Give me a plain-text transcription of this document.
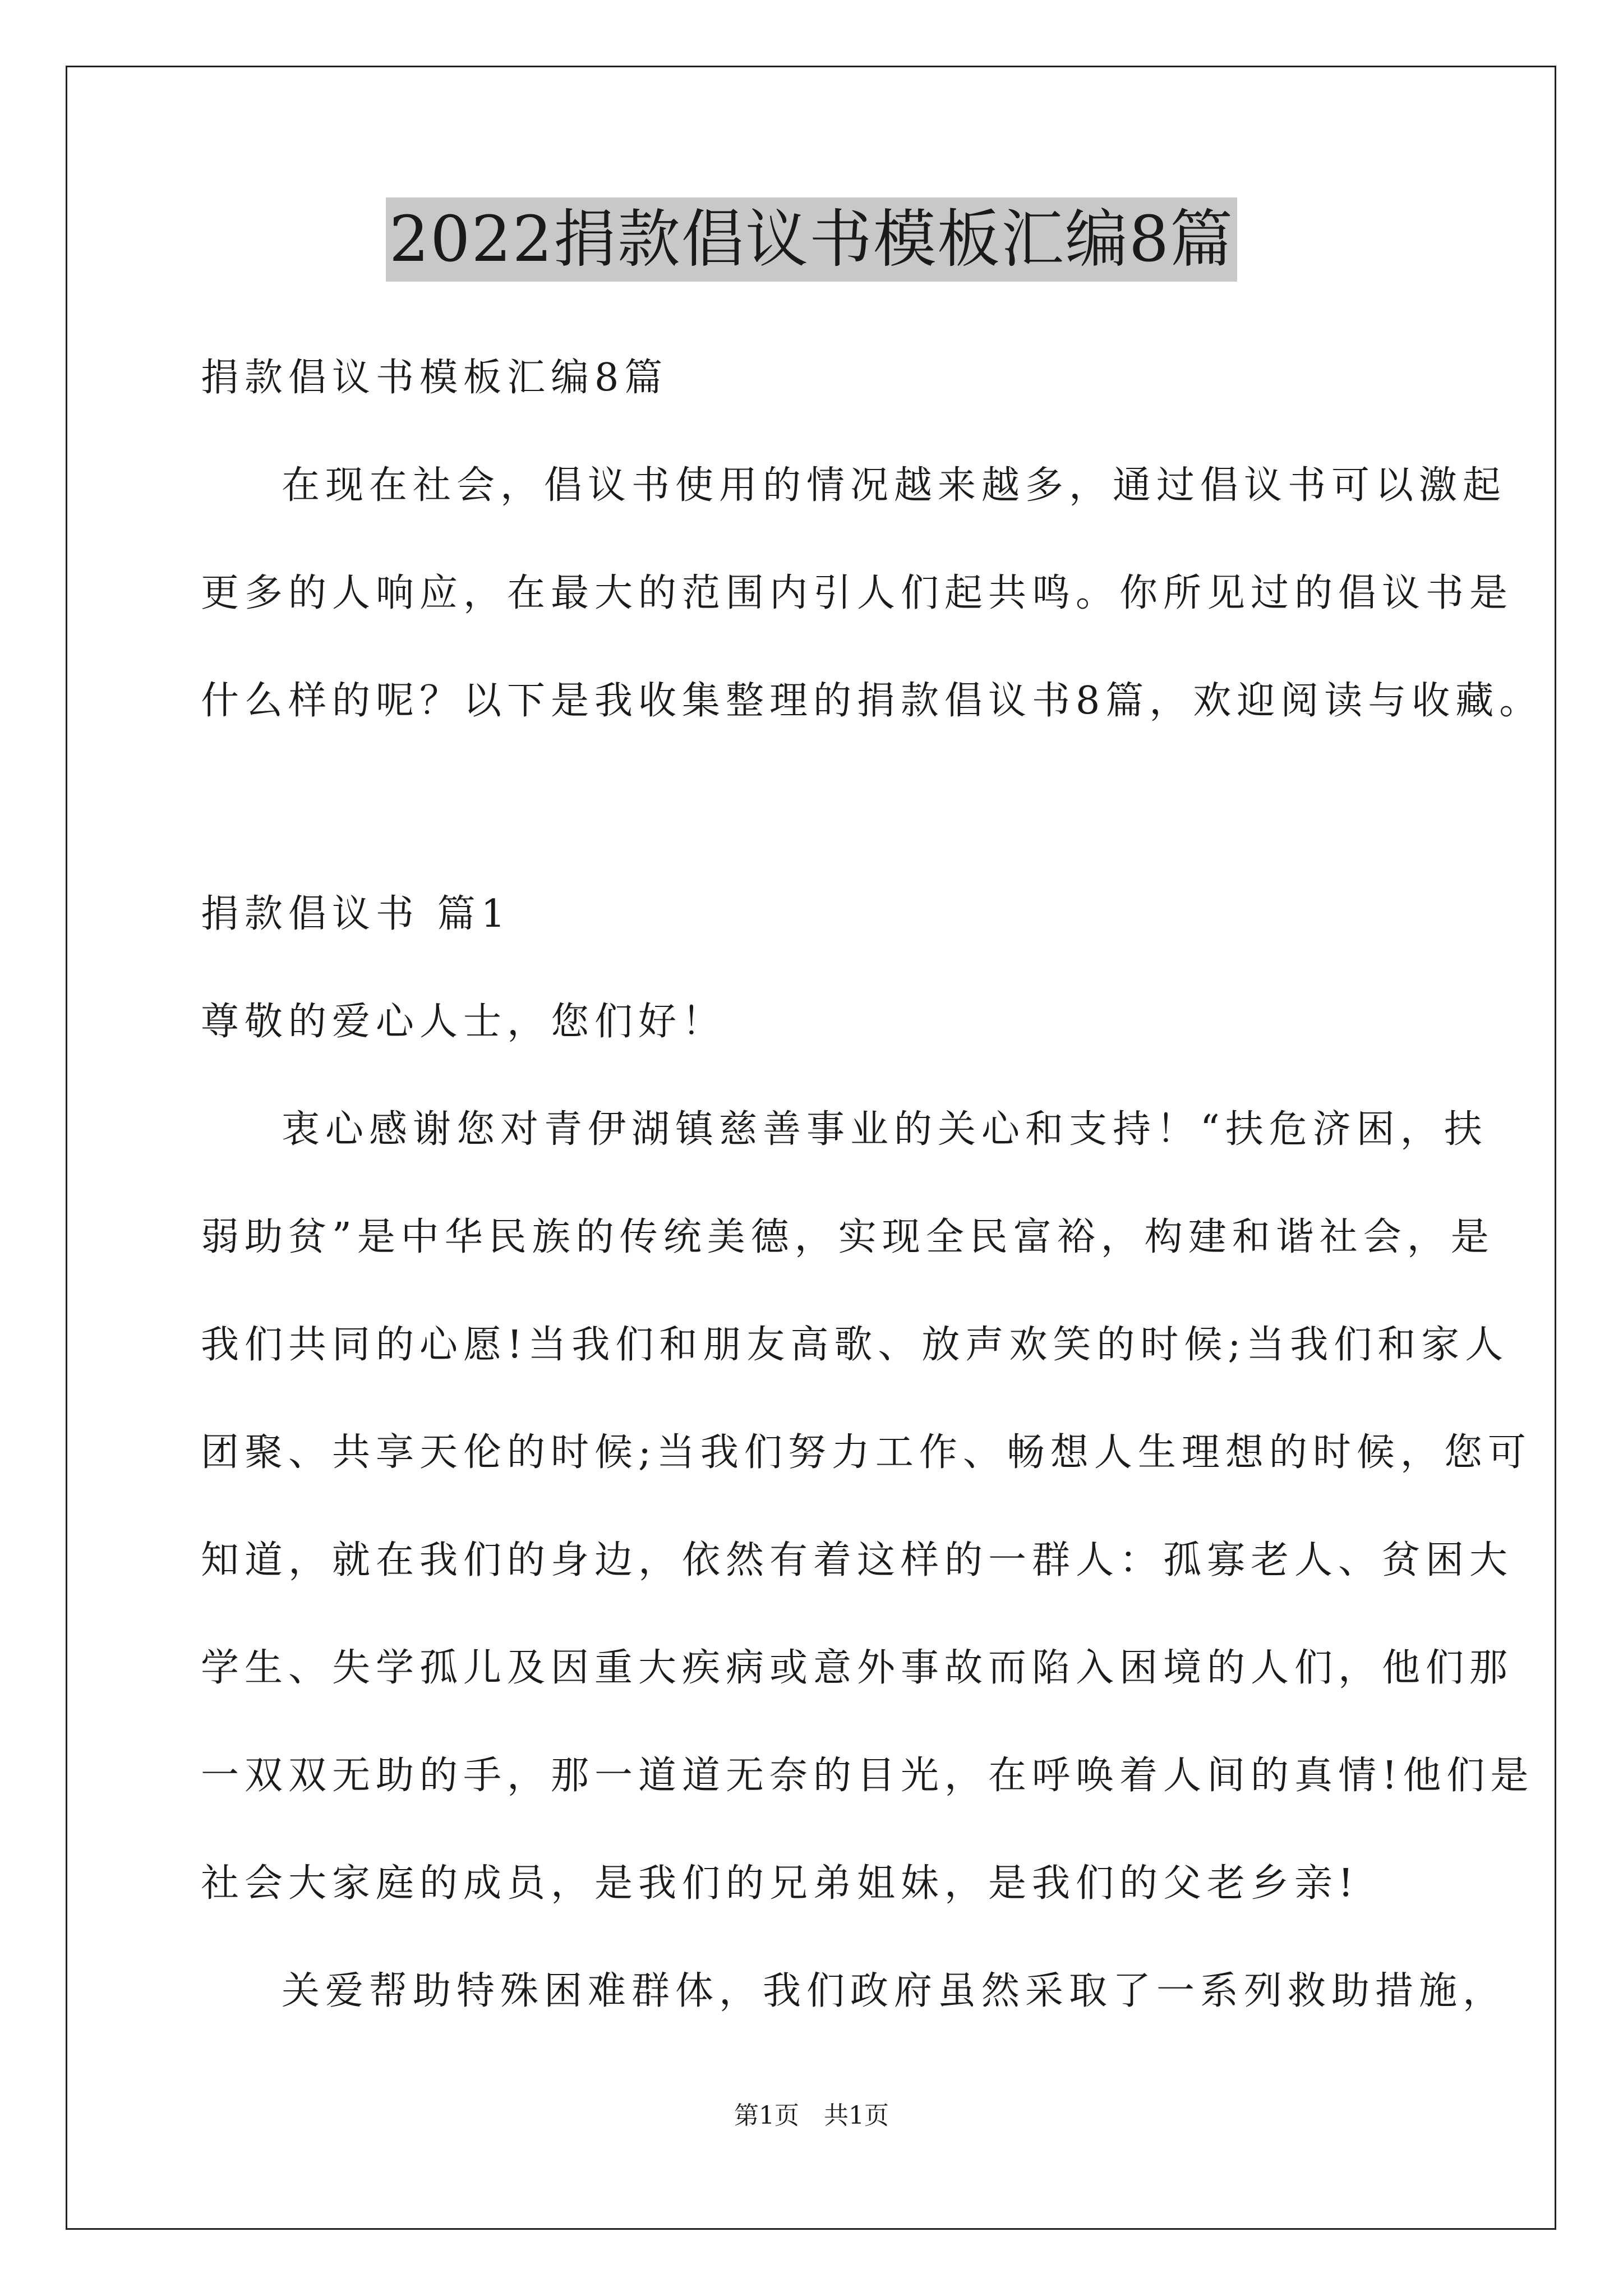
2022捐款倡议书模板汇编8篇
捐款倡议书模板汇编8篇
在现在社会，倡议书使用的情况越来越多，通过倡议书可以激起
更多的人响应，在最大的范围内引人们起共鸣。你所见过的倡议书是
什么样的呢？以下是我收集整理的捐款倡议书8篇，欢迎阅读与收藏。
捐款倡议书 篇1
尊敬的爱心人士，您们好！
衷心感谢您对青伊湖镇慈善事业的关心和支持！“扶危济困，扶
弱助贫”是中华民族的传统美德，实现全民富裕，构建和谐社会，是
我们共同的心愿!当我们和朋友高歌、放声欢笑的时候;当我们和家人
团聚、共享天伦的时候;当我们努力工作、畅想人生理想的时候，您可
知道，就在我们的身边，依然有着这样的一群人：孤寡老人、贫困大
学生、失学孤儿及因重大疾病或意外事故而陷入困境的人们，他们那
一双双无助的手，那一道道无奈的目光，在呼唤着人间的真情!他们是
社会大家庭的成员，是我们的兄弟姐妹，是我们的父老乡亲!
关爱帮助特殊困难群体，我们政府虽然采取了一系列救助措施，
第1页　共1页
